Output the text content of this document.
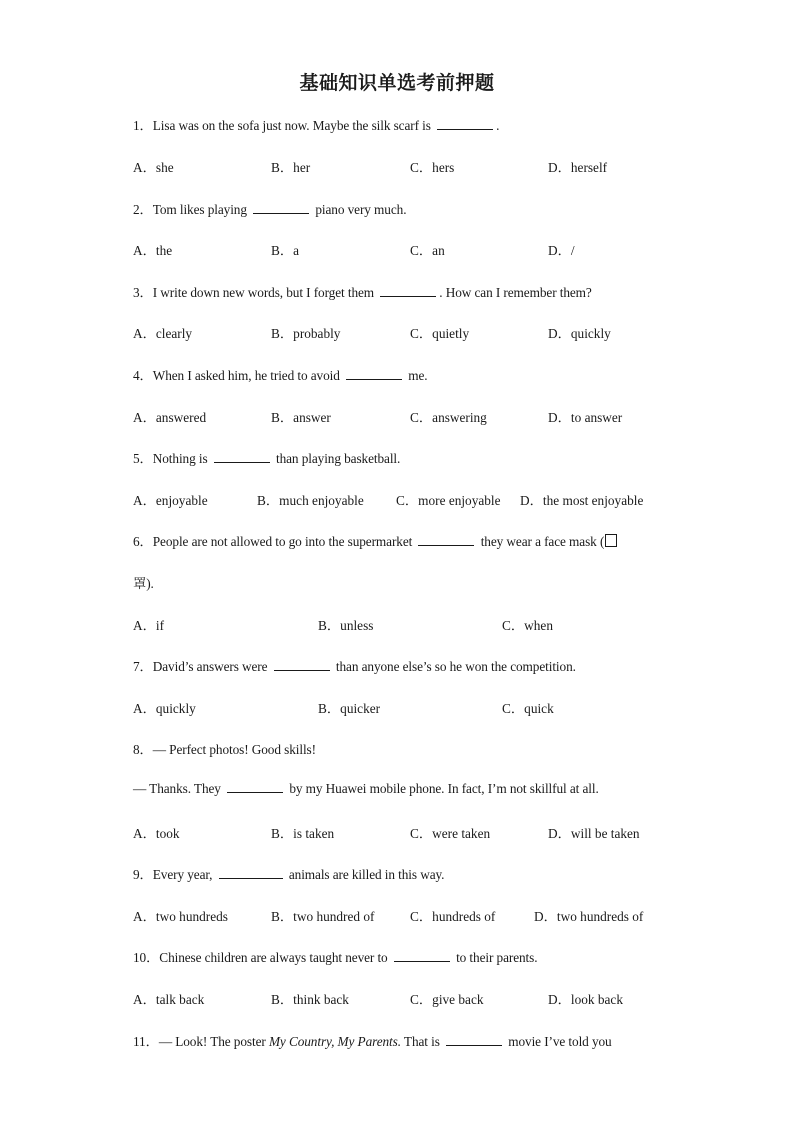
基础知识单选考前押题
1．Lisa was on the sofa just now. Maybe the silk scarf is	.
A．she	B．her	C．hers	D．herself
2．Tom likes playing	piano very much.
A．the	B．a	C．an	D．/
3．I write down new words, but I forget them	. How can I remember them?
A．clearly	B．probably	C．quietly	D．quickly
4．When I asked him, he tried to avoid	me.
A．answered	B．answer	C．answering	D．to answer
5．Nothing is	than playing basketball.
A．enjoyable	B．much enjoyable C．more enjoyable D．the most enjoyable
6．People are not allowed to go into the supermarket	they wear a face mask (
罩).
A．if	B．unless	C．when
7．David’s answers were	than anyone else’s so he won the competition.
A．quickly	B．quicker	C．quick
8．— Perfect photos! Good skills!
— Thanks. They	by my Huawei mobile phone. In fact, I’m not skillful at all.
A．took	B．is taken	C．were taken	D．will be taken
9．Every year,	animals are killed in this way.
A．two hundreds	B．two hundred of	C．hundreds of	D．two hundreds of
10．Chinese children are always taught never to	to their parents.
A．talk back	B．think back	C．give back	D．look back
11．— Look! The poster My Country, My Parents. That is	movie I’ve told you
